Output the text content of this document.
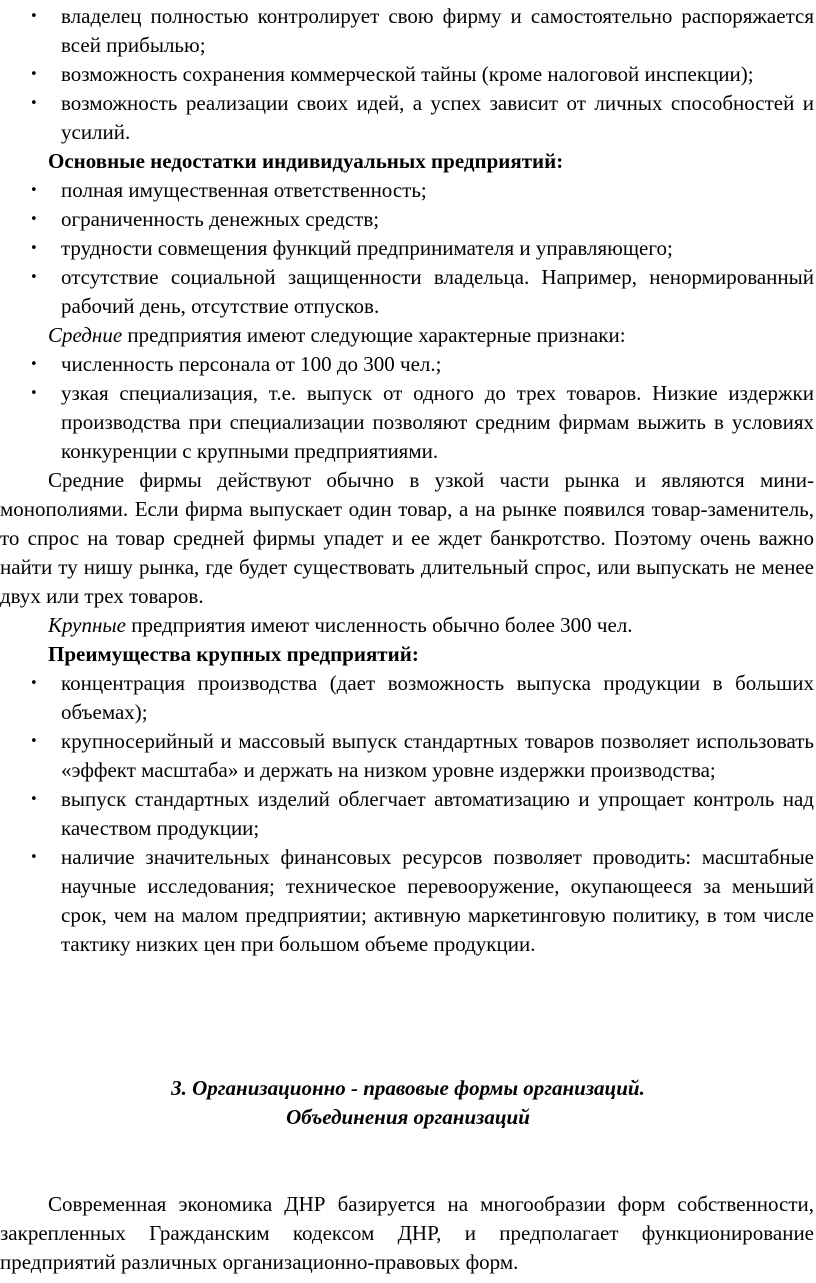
• владелец полностью контролирует свою фирму и самостоятельно распоряжается всей прибылью;
• возможность сохранения коммерческой тайны (кроме налоговой инспекции);
• возможность реализации своих идей, а успех зависит от личных способностей и усилий.

Основные недостатки индивидуальных предприятий:

• полная имущественная ответственность;
• ограниченность денежных средств;
• трудности совмещения функций предпринимателя и управляющего;
• отсутствие социальной защищенности владельца. Например, ненормированный рабочий день, отсутствие отпусков.

Средние предприятия имеют следующие характерные признаки:

• численность персонала от 100 до 300 чел.;
• узкая специализация, т.е. выпуск от одного до трех товаров. Низкие издержки производства при специализации позволяют средним фирмам выжить в условиях конкуренции с крупными предприятиями.

Средние фирмы действуют обычно в узкой части рынка и являются мини-монополиями. Если фирма выпускает один товар, а на рынке появился товар-заменитель, то спрос на товар средней фирмы упадет и ее ждет банкротство. Поэтому очень важно найти ту нишу рынка, где будет существовать длительный спрос, или выпускать не менее двух или трех товаров.

Крупные предприятия имеют численность обычно более 300 чел.

Преимущества крупных предприятий:

• концентрация производства (дает возможность выпуска продукции в больших объемах);
• крупносерийный и массовый выпуск стандартных товаров позволяет использовать «эффект масштаба» и держать на низком уровне издержки производства;
• выпуск стандартных изделий облегчает автоматизацию и упрощает контроль над качеством продукции;
• наличие значительных финансовых ресурсов позволяет проводить: масштабные научные исследования; техническое перевооружение, окупающееся за меньший срок, чем на малом предприятии; активную маркетинговую политику, в том числе тактику низких цен при большом объеме продукции.

3. Организационно - правовые формы организаций.

Объединения организаций

Современная экономика ДНР базируется на многообразии форм собственности, закрепленных Гражданским кодексом ДНР, и предполагает функционирование предприятий различных организационно-правовых форм.
